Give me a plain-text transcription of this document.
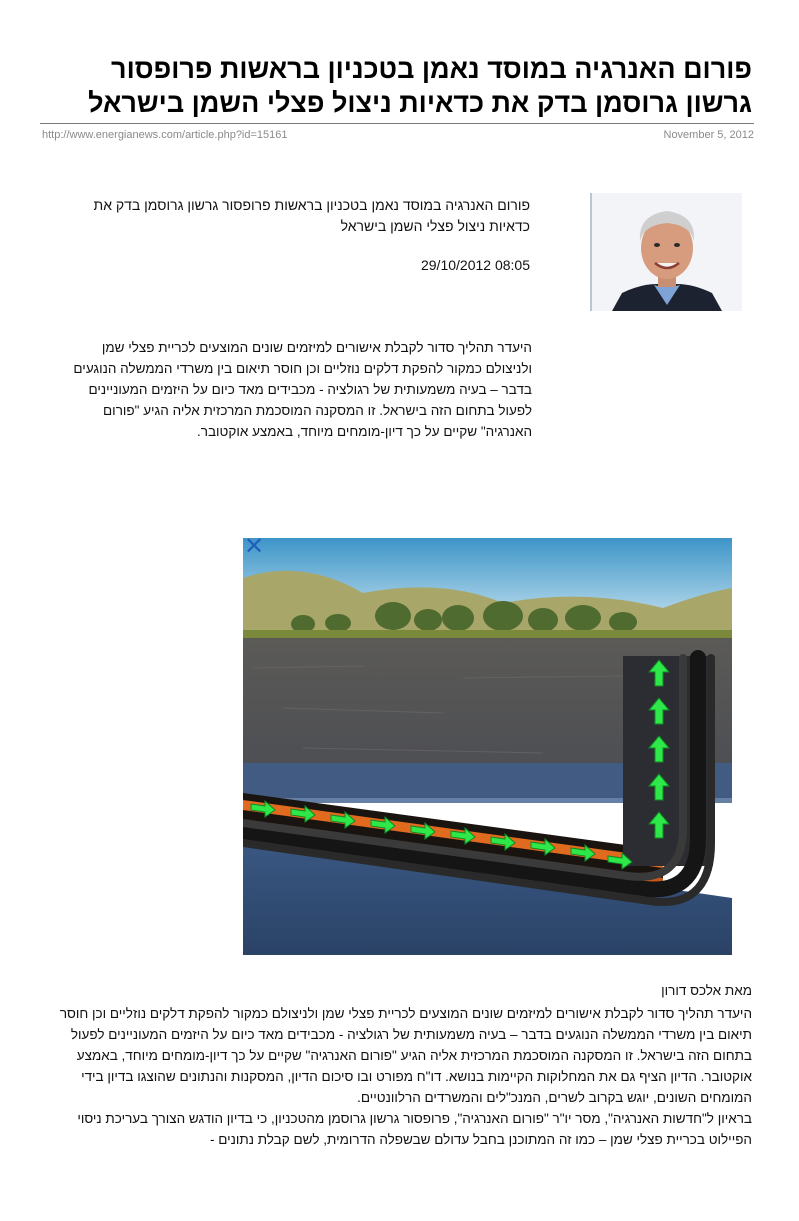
פורום האנרגיה במוסד נאמן בטכניון בראשות פרופסור גרשון גרוסמן בדק את כדאיות ניצול פצלי השמן בישראל
http://www.energianews.com/article.php?id=15161	November 5, 2012

פורום האנרגיה במוסד נאמן בטכניון בראשות פרופסור גרשון גרוסמן בדק את כדאיות ניצול פצלי השמן בישראל

08:05 29/10/2012

היעדר תהליך סדור לקבלת אישורים למיזמים שונים המוצעים לכריית פצלי שמן ולניצולם כמקור להפקת דלקים נוזליים וכן חוסר תיאום בין משרדי הממשלה הנוגעים בדבר – בעיה משמעותית של רגולציה - מכבידים מאד כיום על היזמים המעוניינים לפעול בתחום הזה בישראל. זו המסקנה המוסכמת המרכזית אליה הגיע "פורום האנרגיה" שקיים על כך דיון-מומחים מיוחד, באמצע אוקטובר.

✕

מאת אלכס דורון

היעדר תהליך סדור לקבלת אישורים למיזמים שונים המוצעים לכריית פצלי שמן ולניצולם כמקור להפקת דלקים נוזליים וכן חוסר תיאום בין משרדי הממשלה הנוגעים בדבר – בעיה משמעותית של רגולציה - מכבידים מאד כיום על היזמים המעוניינים לפעול בתחום הזה בישראל. זו המסקנה המוסכמת המרכזית אליה הגיע "פורום האנרגיה" שקיים על כך דיון-מומחים מיוחד, באמצע אוקטובר. הדיון הציף גם את המחלוקות הקיימות בנושא. דו"ח מפורט ובו סיכום הדיון, המסקנות והנתונים שהוצגו בדיון בידי המומחים השונים, יוגש בקרוב לשרים, המנכ"לים והמשרדים הרלוונטיים.

בראיון ל"חדשות האנרגיה", מסר יו"ר "פורום האנרגיה", פרופסור גרשון גרוסמן מהטכניון, כי בדיון הודגש הצורך בעריכת ניסוי הפיילוט בכריית פצלי שמן – כמו זה המתוכנן בחבל עדולם שבשפלה הדרומית, לשם קבלת נתונים -
